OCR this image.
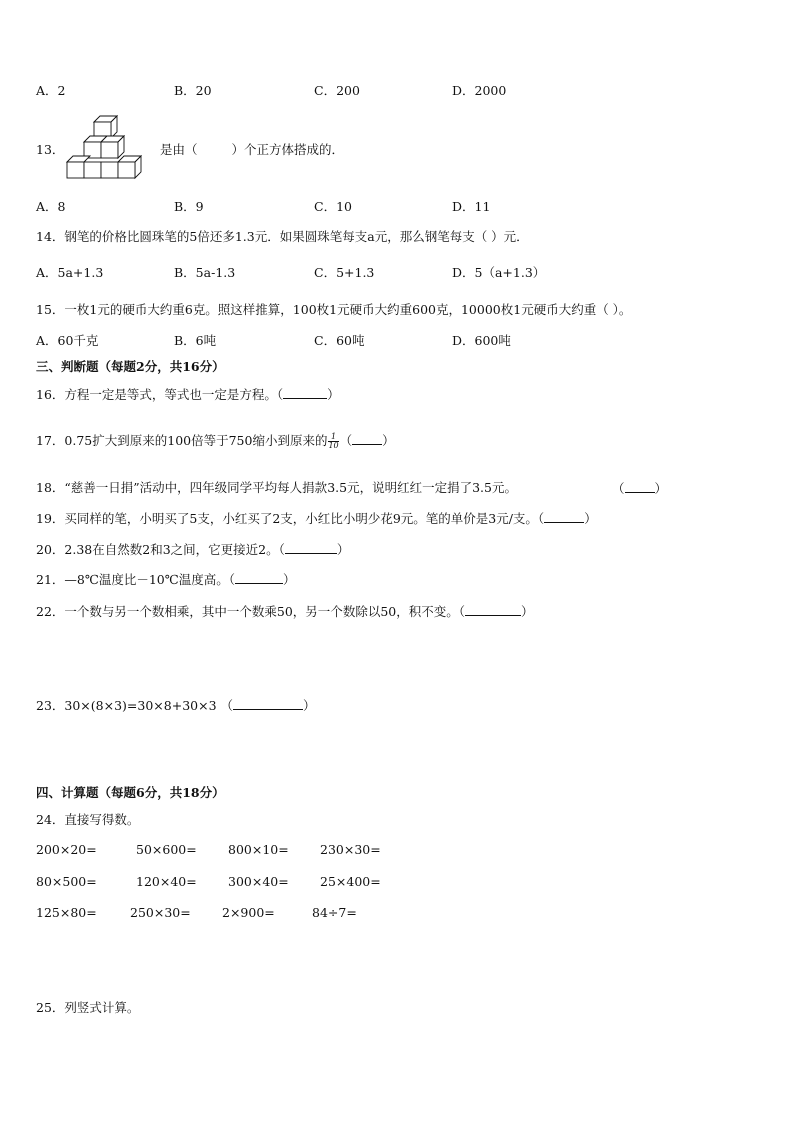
A．2	B．20	C．200	D．2000
13．	是由（	）个正方体搭成的．
A．8	B．9	C．10	D．11
14．钢笔的价格比圆珠笔的5倍还多1.3元．如果圆珠笔每支a元，那么钢笔每支（ ）元．
A．5a+1.3	B．5a-1.3	C．5+1.3	D．5（a+1.3）
15．一枚1元的硬币大约重6克。照这样推算，100枚1元硬币大约重600克，10000枚1元硬币大约重（ ）。
A．60千克	B．6吨	C．60吨	D．600吨
三、判断题（每题2分，共16分）
16．方程一定是等式，等式也一定是方程。（	）
17．0.75扩大到原来的100倍等于750缩小到原来的 $\frac{1}{10}$ （ ）
18．“慈善一日捐”活动中，四年级同学平均每人捐款3.5元，说明红红一定捐了3.5元。	（ ）
19．买同样的笔，小明买了5支，小红买了2支，小红比小明少花9元。笔的单价是3元/支。（	）
20．2.38在自然数2和3之间，它更接近2。（	）
21．—8℃温度比－10℃温度高。（	）
22．一个数与另一个数相乘，其中一个数乘50，另一个数除以50，积不变。（	）
23．30×(8×3)=30×8+30×3 （	）
四、计算题（每题6分，共18分）
24．直接写得数。
200×20=	50×600=	800×10=	230×30=
80×500=	120×40=	300×40=	25×400=
125×80=	250×30=	2×900=	84÷7=
25．列竖式计算。
